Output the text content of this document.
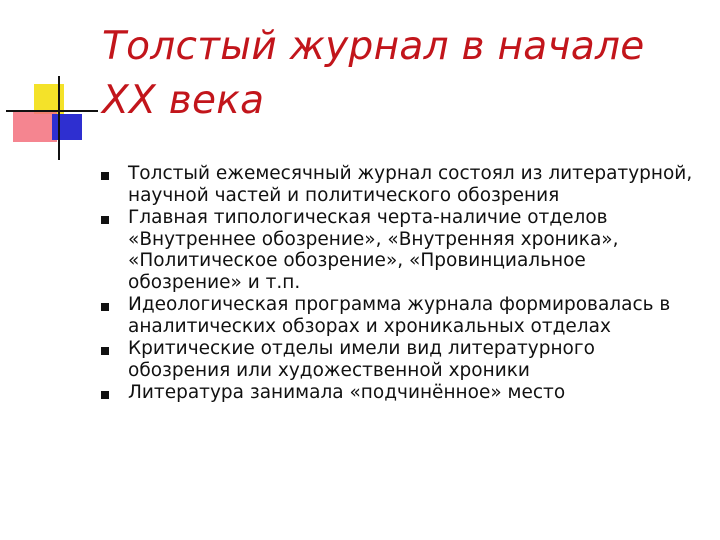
Толстый журнал в начале XX века
Толстый ежемесячный журнал состоял из литературной, научной частей и политического обозрения
Главная типологическая черта-наличие отделов «Внутреннее обозрение», «Внутренняя хроника», «Политическое обозрение», «Провинциальное обозрение» и т.п.
Идеологическая программа журнала формировалась в аналитических обзорах и хроникальных отделах
Критические отделы имели вид литературного обозрения или художественной хроники
Литература занимала «подчинённое» место
